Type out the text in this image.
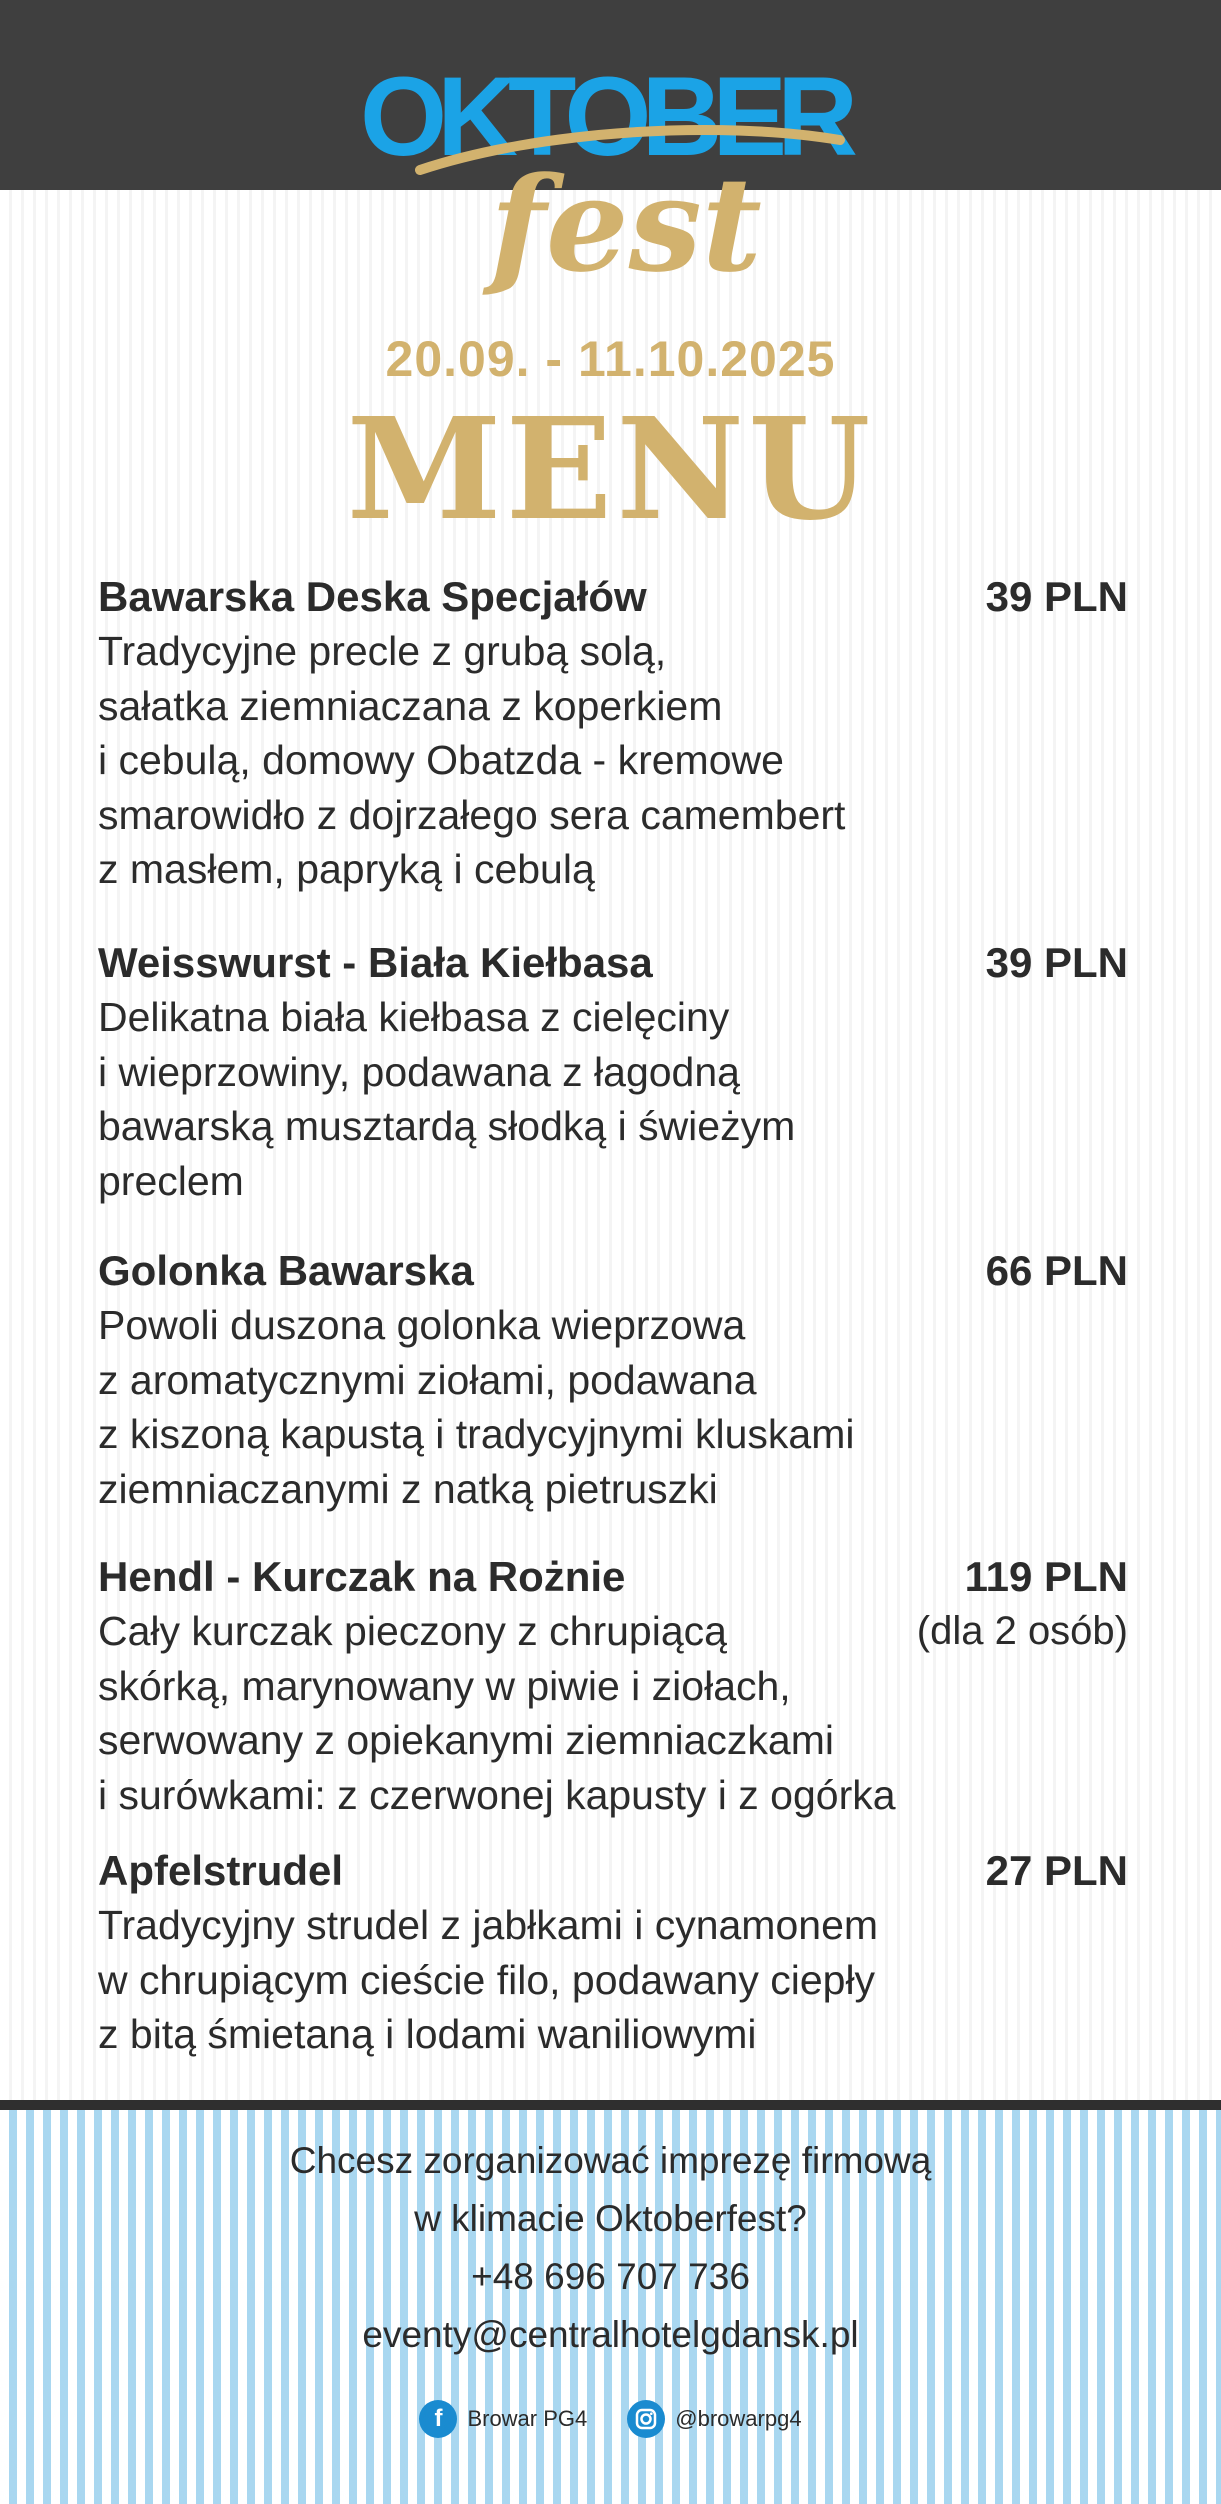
OKTOBER
fest
20.09. - 11.10.2025
MENU
Bawarska Deska Specjałów	39 PLN
Tradycyjne precle z grubą solą,
sałatka ziemniaczana z koperkiem
i cebulą, domowy Obatzda - kremowe
smarowidło z dojrzałego sera camembert
z masłem, papryką i cebulą
Weisswurst - Biała Kiełbasa	39 PLN
Delikatna biała kiełbasa z cielęciny
i wieprzowiny, podawana z łagodną
bawarską musztardą słodką i świeżym
preclem
Golonka Bawarska	66 PLN
Powoli duszona golonka wieprzowa
z aromatycznymi ziołami, podawana
z kiszoną kapustą i tradycyjnymi kluskami
ziemniaczanymi z natką pietruszki
Hendl - Kurczak na Rożnie	119 PLN
(dla 2 osób)
Cały kurczak pieczony z chrupiącą
skórką, marynowany w piwie i ziołach,
serwowany z opiekanymi ziemniaczkami
i surówkami: z czerwonej kapusty i z ogórka
Apfelstrudel	27 PLN
Tradycyjny strudel z jabłkami i cynamonem
w chrupiącym cieście filo, podawany ciepły
z bitą śmietaną i lodami waniliowymi
Chcesz zorganizować imprezę firmową
w klimacie Oktoberfest?
+48 696 707 736
eventy@centralhotelgdansk.pl
f	Browar PG4	@browarpg4
